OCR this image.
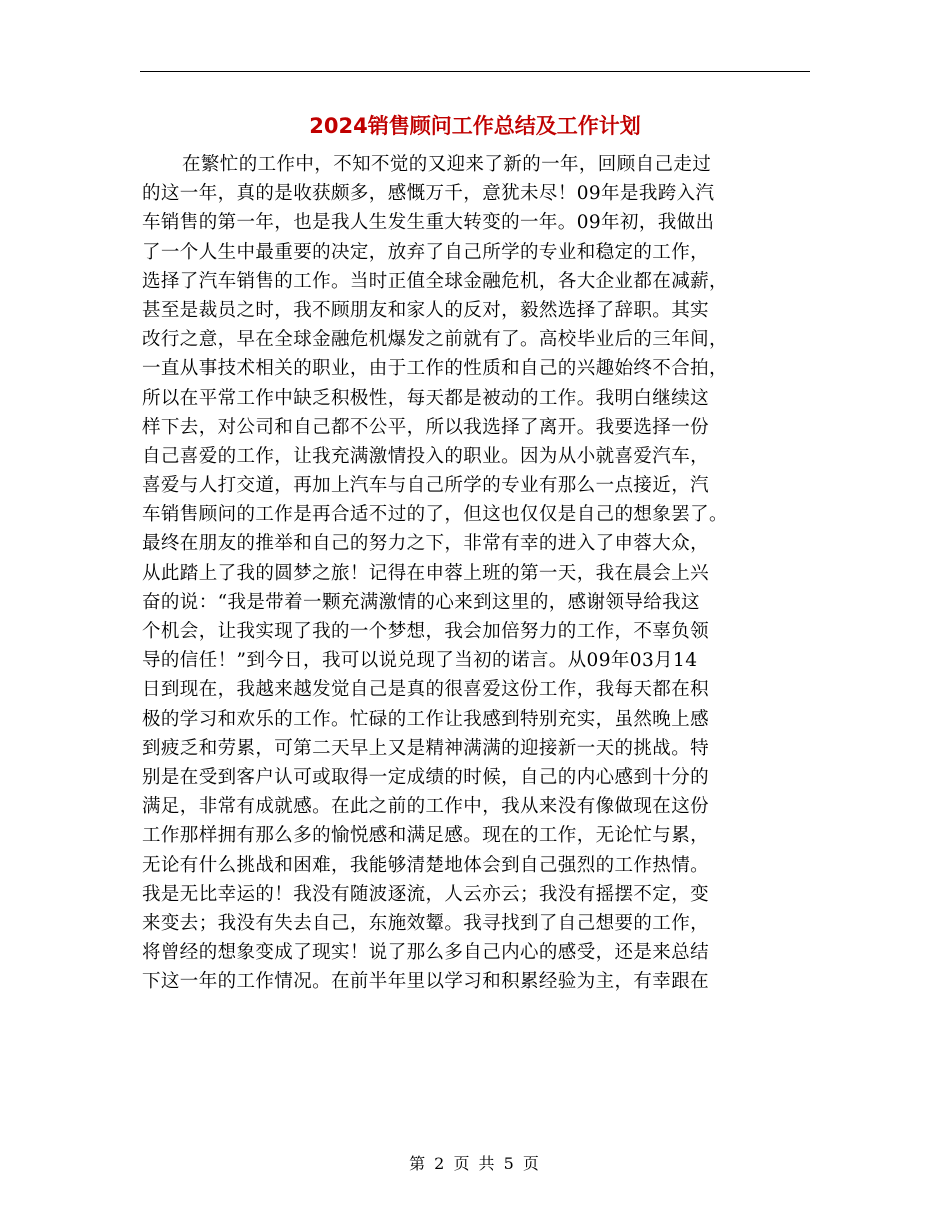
2024销售顾问工作总结及工作计划
在繁忙的工作中，不知不觉的又迎来了新的一年，回顾自己走过
的这一年，真的是收获颇多，感慨万千，意犹未尽！09年是我跨入汽
车销售的第一年，也是我人生发生重大转变的一年。09年初，我做出
了一个人生中最重要的决定，放弃了自己所学的专业和稳定的工作，
选择了汽车销售的工作。当时正值全球金融危机，各大企业都在减薪，
甚至是裁员之时，我不顾朋友和家人的反对，毅然选择了辞职。其实
改行之意，早在全球金融危机爆发之前就有了。高校毕业后的三年间，
一直从事技术相关的职业，由于工作的性质和自己的兴趣始终不合拍，
所以在平常工作中缺乏积极性，每天都是被动的工作。我明白继续这
样下去，对公司和自己都不公平，所以我选择了离开。我要选择一份
自己喜爱的工作，让我充满激情投入的职业。因为从小就喜爱汽车，
喜爱与人打交道，再加上汽车与自己所学的专业有那么一点接近，汽
车销售顾问的工作是再合适不过的了，但这也仅仅是自己的想象罢了。
最终在朋友的推举和自己的努力之下，非常有幸的进入了申蓉大众，
从此踏上了我的圆梦之旅！记得在申蓉上班的第一天，我在晨会上兴
奋的说：“我是带着一颗充满激情的心来到这里的，感谢领导给我这
个机会，让我实现了我的一个梦想，我会加倍努力的工作，不辜负领
导的信任！”到今日，我可以说兑现了当初的诺言。从09年03月14
日到现在，我越来越发觉自己是真的很喜爱这份工作，我每天都在积
极的学习和欢乐的工作。忙碌的工作让我感到特别充实，虽然晚上感
到疲乏和劳累，可第二天早上又是精神满满的迎接新一天的挑战。特
别是在受到客户认可或取得一定成绩的时候，自己的内心感到十分的
满足，非常有成就感。在此之前的工作中，我从来没有像做现在这份
工作那样拥有那么多的愉悦感和满足感。现在的工作，无论忙与累，
无论有什么挑战和困难，我能够清楚地体会到自己强烈的工作热情。
我是无比幸运的！我没有随波逐流，人云亦云；我没有摇摆不定，变
来变去；我没有失去自己，东施效颦。我寻找到了自己想要的工作，
将曾经的想象变成了现实！说了那么多自己内心的感受，还是来总结
下这一年的工作情况。在前半年里以学习和积累经验为主，有幸跟在
第 2 页 共 5 页
